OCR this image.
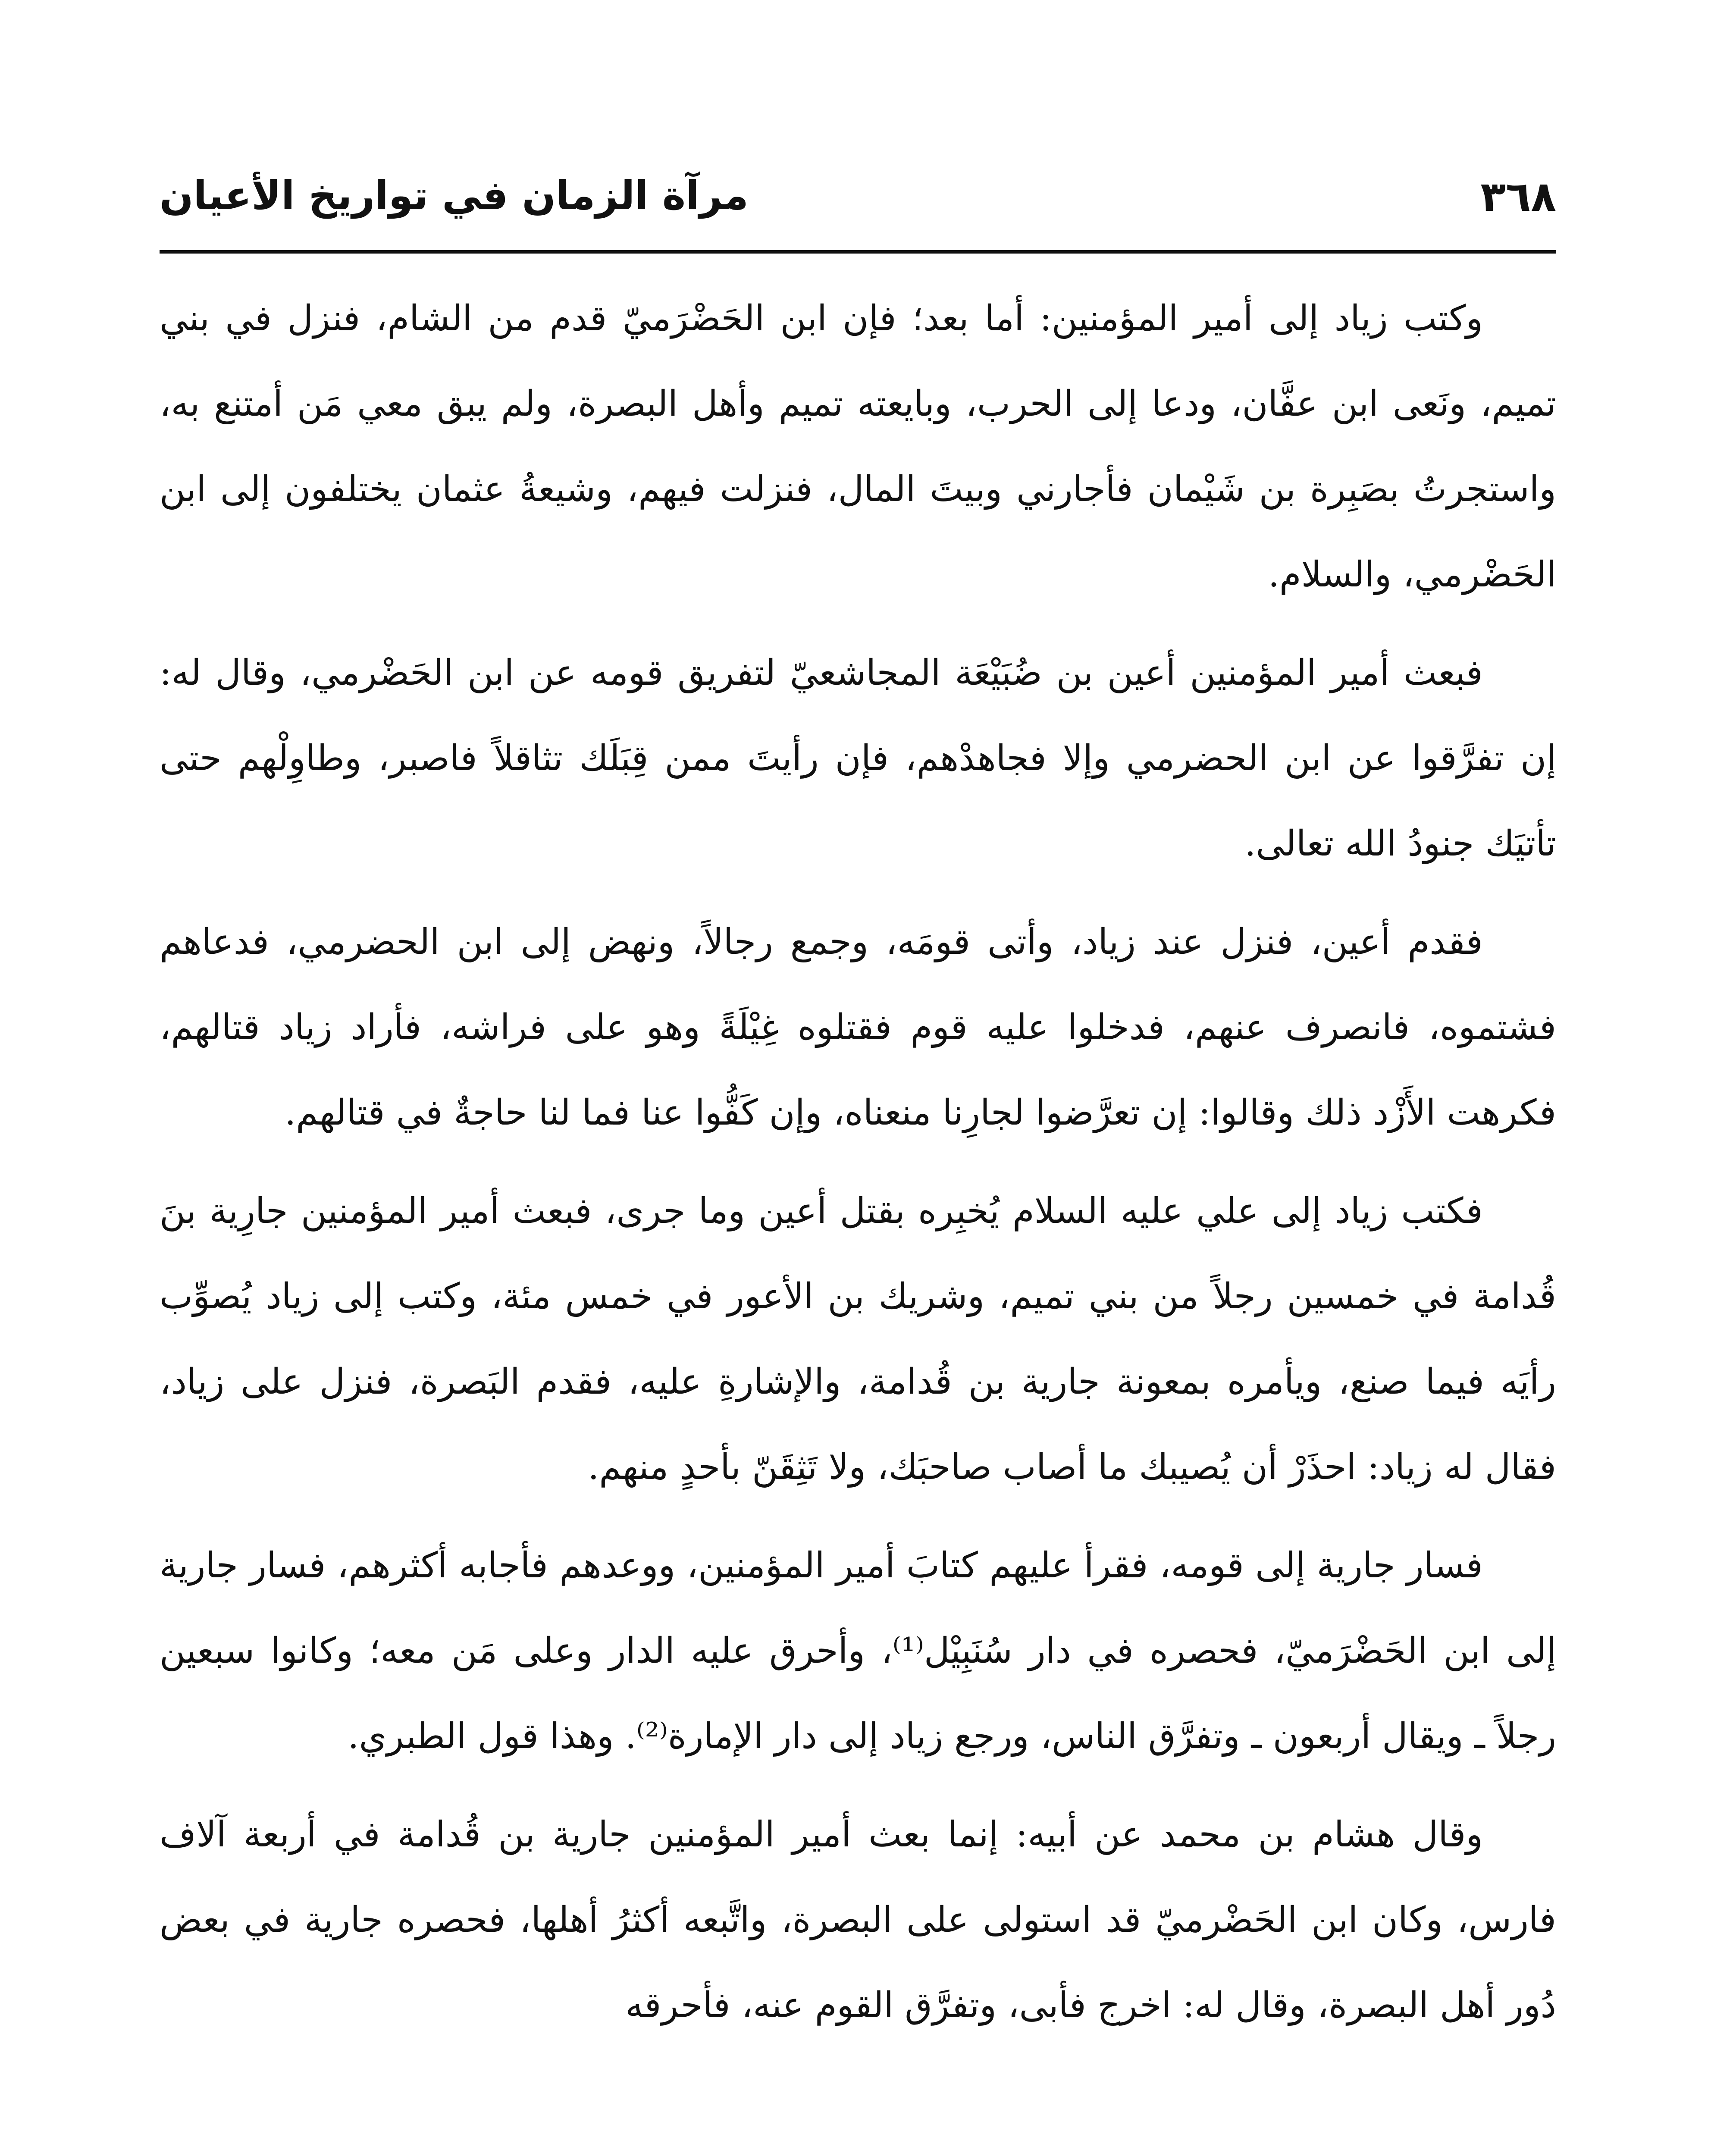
٣٦٨
مرآة الزمان في تواريخ الأعيان

وكتب زياد إلى أمير المؤمنين: أما بعد؛ فإن ابن الحَضْرَميّ قدم من الشام، فنزل في بني تميم، ونَعى ابن عفَّان، ودعا إلى الحرب، وبايعته تميم وأهل البصرة، ولم يبق معي مَن أمتنع به، واستجرتُ بصَبِرة بن شَيْمان فأجارني وبيتَ المال، فنزلت فيهم، وشيعةُ عثمان يختلفون إلى ابن الحَضْرمي، والسلام.

فبعث أمير المؤمنين أعين بن ضُبَيْعَة المجاشعيّ لتفريق قومه عن ابن الحَضْرمي، وقال له: إن تفرَّقوا عن ابن الحضرمي وإلا فجاهدْهم، فإن رأيتَ ممن قِبَلَك تثاقلاً فاصبر، وطاوِلْهم حتى تأتيَك جنودُ الله تعالى.

فقدم أعين، فنزل عند زياد، وأتى قومَه، وجمع رجالاً، ونهض إلى ابن الحضرمي، فدعاهم فشتموه، فانصرف عنهم، فدخلوا عليه قوم فقتلوه غِيْلَةً وهو على فراشه، فأراد زياد قتالهم، فكرهت الأَزْد ذلك وقالوا: إن تعرَّضوا لجارِنا منعناه، وإن كَفُّوا عنا فما لنا حاجةٌ في قتالهم.

فكتب زياد إلى علي عليه السلام يُخبِره بقتل أعين وما جرى، فبعث أمير المؤمنين جارِية بنَ قُدامة في خمسين رجلاً من بني تميم، وشريك بن الأعور في خمس مئة، وكتب إلى زياد يُصوِّب رأيَه فيما صنع، ويأمره بمعونة جارية بن قُدامة، والإشارةِ عليه، فقدم البَصرة، فنزل على زياد، فقال له زياد: احذَرْ أن يُصيبك ما أصاب صاحبَك، ولا تَثِقَنّ بأحدٍ منهم.

فسار جارية إلى قومه، فقرأ عليهم كتابَ أمير المؤمنين، ووعدهم فأجابه أكثرهم، فسار جارية إلى ابن الحَضْرَميّ، فحصره في دار سُنَبِيْل⁽¹⁾، وأحرق عليه الدار وعلى مَن معه؛ وكانوا سبعين رجلاً ـ ويقال أربعون ـ وتفرَّق الناس، ورجع زياد إلى دار الإمارة⁽²⁾. وهذا قول الطبري.

وقال هشام بن محمد عن أبيه: إنما بعث أمير المؤمنين جارية بن قُدامة في أربعة آلاف فارس، وكان ابن الحَضْرميّ قد استولى على البصرة، واتَّبعه أكثرُ أهلها، فحصره جارية في بعض دُور أهل البصرة، وقال له: اخرج فأبى، وتفرَّق القوم عنه، فأحرقه
